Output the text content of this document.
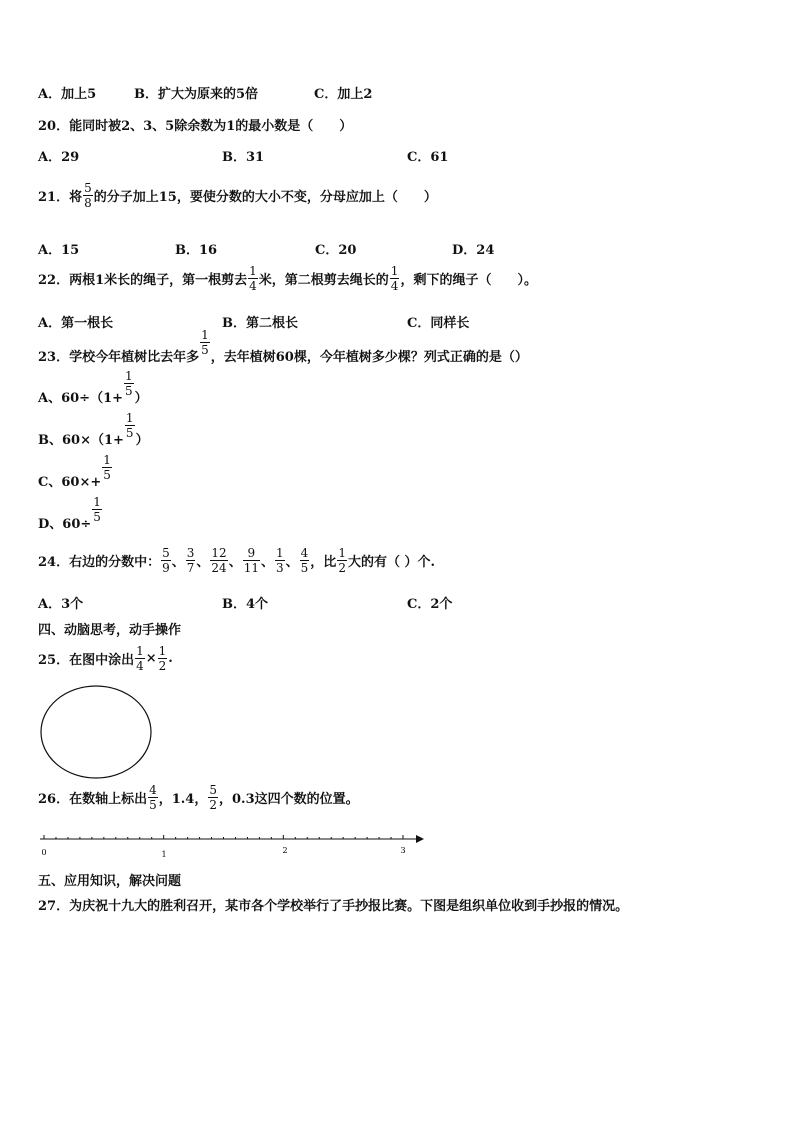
A．加上5	B．扩大为原来的5倍	C．加上2
20．能同时被2、3、5除余数为1的最小数是（　　）
A．29	B．31	C．61
21．将 $\frac{5}{8}$ 的分子加上15，要使分数的大小不变，分母应加上（　　）
A．15	B．16	C．20	D．24
22．两根1米长的绳子，第一根剪去 $\frac{1}{4}$ 米，第二根剪去绳长的 $\frac{1}{4}$ ，剩下的绳子（　　）。
A．第一根长	B．第二根长	C．同样长
23．学校今年植树比去年多
$\frac{1}{5}$
，去年植树60棵，今年植树多少棵？列式正确的是（）
A、60÷（1+
$\frac{1}{5}$
）
B、60×（1+
$\frac{1}{5}$
）
C、60×+
$\frac{1}{5}$
D、60÷
$\frac{1}{5}$
24．右边的分数中： $\frac{5}{9}$ 、 $\frac{3}{7}$ 、 $\frac{12}{24}$ 、 $\frac{9}{11}$ 、 $\frac{1}{3}$ 、 $\frac{4}{5}$ ，比 $\frac{1}{2}$ 大的有（ ）个.
A．3个	B．4个	C．2个
四、动脑思考，动手操作
25．在图中涂出 $\frac{1}{4} \times \frac{1}{2}$ .
26．在数轴上标出 $\frac{4}{5}$ ，1.4， $\frac{5}{2}$ ，0.3这四个数的位置。
0	1	2	3
五、应用知识，解决问题
27．为庆祝十九大的胜利召开，某市各个学校举行了手抄报比赛。下图是组织单位收到手抄报的情况。
